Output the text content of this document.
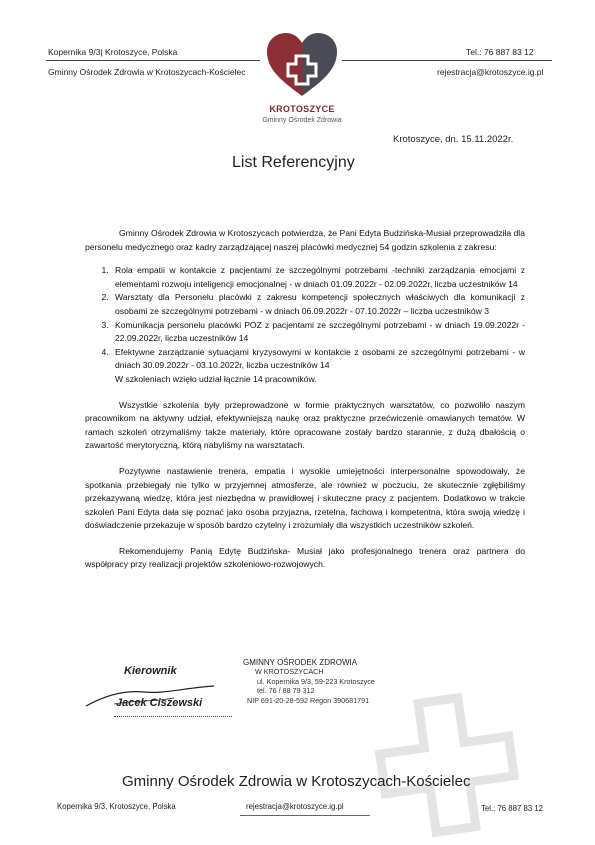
Kopernika 9/3| Krotoszyce, Polska
Gminny Ośrodek Zdrowia w Krotoszycach-Kościelec
Tel.: 76 887 83 12
rejestracja@krotoszyce.ig.pl
KROTOSZYCE
Gminny Ośrodek Zdrowia
Krotoszyce, dn. 15.11.2022r.
List Referencyjny

Gminny Ośrodek Zdrowia w Krotoszycach potwierdza, że Pani Edyta Budzińska-Musiał przeprowadziła dla personelu medycznego oraz kadry zarządzającej naszej placówki medycznej 54 godzin szkolenia z zakresu:

1. Rola empatii w kontakcie z pacjentami ze szczególnymi potrzebami -techniki zarządzania emocjami z elementami rozwoju inteligencji emocjonalnej - w dniach 01.09.2022r - 02.09.2022r, liczba uczestników 14
2. Warsztaty dla Personelu placówki z zakresu kompetencji społecznych właściwych dla komunikacji z osobami ze szczególnymi potrzebami - w dniach 06.09.2022r - 07.10.2022r – liczba uczestników 3
3. Komunikacja personelu placówki POZ z pacjentami ze szczególnymi potrzebami - w dniach 19.09.2022r - 22.09.2022r, liczba uczestników 14
4. Efektywne zarządzanie sytuacjami kryzysowymi w kontakcie z osobami ze szczególnymi potrzebami - w dniach 30.09.2022r - 03.10.2022r, liczba uczestników 14

W szkoleniach wzięło udział łącznie 14 pracowników.

Wszystkie szkolenia były przeprowadzone w formie praktycznych warsztatów, co pozwoliło naszym pracownikom na aktywny udział, efektywniejszą naukę oraz praktyczne przećwiczenie omawianych tematów. W ramach szkoleń otrzymaliśmy także materiały, które opracowane zostały bardzo starannie, z dużą dbałością o zawartość merytoryczną, którą nabyliśmy na warsztatach.

Pozytywne nastawienie trenera, empatia i wysokie umiejętności interpersonalne spowodowały, że spotkania przebiegały nie tylko w przyjemnej atmosferze, ale również w poczuciu, że skutecznie zgłębiliśmy przekazywaną wiedzę, która jest niezbędna w prawidłowej i skuteczne pracy z pacjentem. Dodatkowo w trakcie szkoleń Pani Edyta dała się poznać jako osoba przyjazna, rzetelna, fachowa i kompetentna, która swoją wiedzę i doświadczenie przekazuje w sposób bardzo czytelny i zrozumiały dla wszystkich uczestników szkoleń.

Rekomendujemy Panią Edytę Budzińska- Musiał jako profesjonalnego trenera oraz partnera do współpracy przy realizacji projektów szkoleniowo-rozwojowych.

Kierownik
Jacek Ciszewski
GMINNY OŚRODEK ZDROWIA
W KROTOSZYCACH
ul. Kopernika 9/3, 59-223 Krotoszyce
tel. 76 / 88 79 312
NIP 691-20-28-592 Regon 390681791
Gminny Ośrodek Zdrowia w Krotoszycach-Kościelec
Kopernika 9/3, Krotoszyce, Polska	rejestracja@krotoszyce.ig.pl	Tel.: 76 887 83 12
